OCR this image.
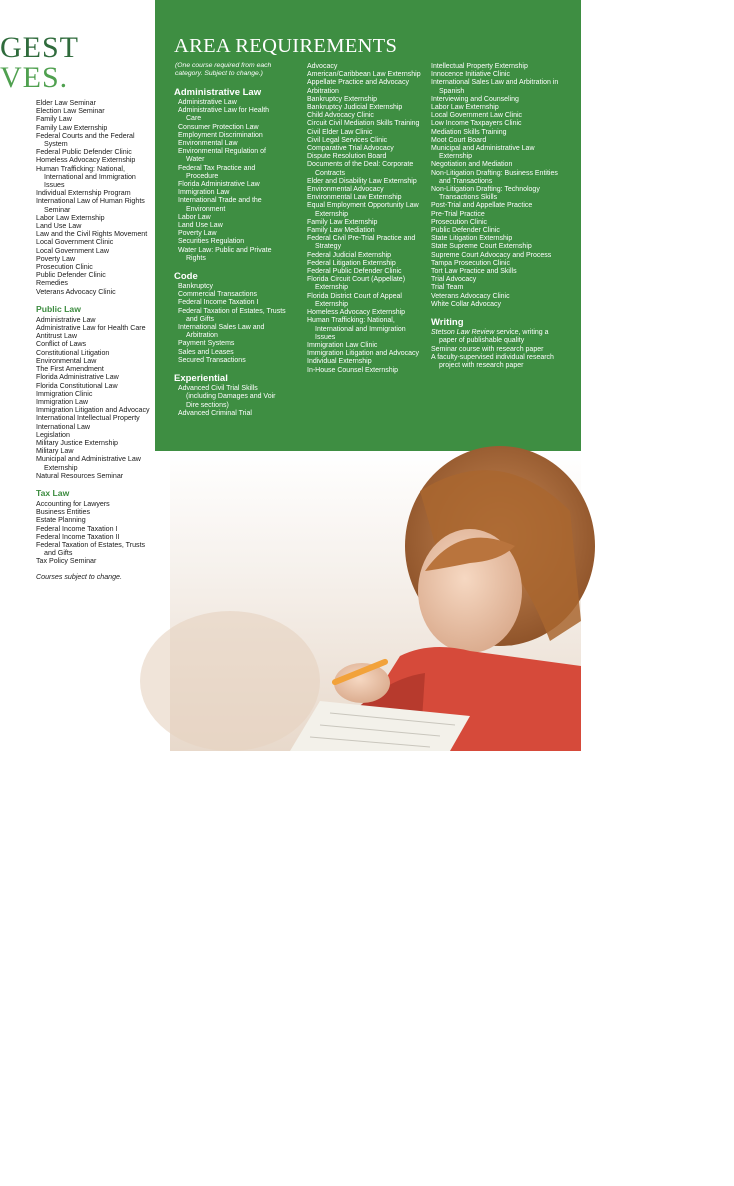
GEST
VES.
Elder Law Seminar
Election Law Seminar
Family Law
Family Law Externship
Federal Courts and the Federal System
Federal Public Defender Clinic
Homeless Advocacy Externship
Human Trafficking: National, International and Immigration Issues
Individual Externship Program
International Law of Human Rights Seminar
Labor Law Externship
Land Use Law
Law and the Civil Rights Movement
Local Government Clinic
Local Government Law
Poverty Law
Prosecution Clinic
Public Defender Clinic
Remedies
Veterans Advocacy Clinic
Public Law
Administrative Law
Administrative Law for Health Care
Antitrust Law
Conflict of Laws
Constitutional Litigation
Environmental Law
The First Amendment
Florida Administrative Law
Florida Constitutional Law
Immigration Clinic
Immigration Law
Immigration Litigation and Advocacy
International Intellectual Property
International Law
Legislation
Military Justice Externship
Military Law
Municipal and Administrative Law Externship
Natural Resources Seminar
Tax Law
Accounting for Lawyers
Business Entities
Estate Planning
Federal Income Taxation I
Federal Income Taxation II
Federal Taxation of Estates, Trusts and Gifts
Tax Policy Seminar
Courses subject to change.
AREA REQUIREMENTS
(One course required from each category. Subject to change.)
Administrative Law
Administrative Law
Administrative Law for Health Care
Consumer Protection Law
Employment Discrimination
Environmental Law
Environmental Regulation of Water
Federal Tax Practice and Procedure
Florida Administrative Law
Immigration Law
International Trade and the Environment
Labor Law
Land Use Law
Poverty Law
Securities Regulation
Water Law: Public and Private Rights
Code
Bankruptcy
Commercial Transactions
Federal Income Taxation I
Federal Taxation of Estates, Trusts and Gifts
International Sales Law and Arbitration
Payment Systems
Sales and Leases
Secured Transactions
Experiential
Advanced Civil Trial Skills (including Damages and Voir Dire sections)
Advanced Criminal Trial
Advocacy
American/Caribbean Law Externship
Appellate Practice and Advocacy
Arbitration
Bankruptcy Externship
Bankruptcy Judicial Externship
Child Advocacy Clinic
Circuit Civil Mediation Skills Training
Civil Elder Law Clinic
Civil Legal Services Clinic
Comparative Trial Advocacy
Dispute Resolution Board
Documents of the Deal: Corporate Contracts
Elder and Disability Law Externship
Environmental Advocacy
Environmental Law Externship
Equal Employment Opportunity Law Externship
Family Law Externship
Family Law Mediation
Federal Civil Pre-Trial Practice and Strategy
Federal Judicial Externship
Federal Litigation Externship
Federal Public Defender Clinic
Florida Circuit Court (Appellate) Externship
Florida District Court of Appeal Externship
Homeless Advocacy Externship
Human Trafficking: National, International and Immigration Issues
Immigration Law Clinic
Immigration Litigation and Advocacy
Individual Externship
In-House Counsel Externship
Intellectual Property Externship
Innocence Initiative Clinic
International Sales Law and Arbitration in Spanish
Interviewing and Counseling
Labor Law Externship
Local Government Law Clinic
Low Income Taxpayers Clinic
Mediation Skills Training
Moot Court Board
Municipal and Administrative Law Externship
Negotiation and Mediation
Non-Litigation Drafting: Business Entities and Transactions
Non-Litigation Drafting: Technology Transactions Skills
Post-Trial and Appellate Practice
Pre-Trial Practice
Prosecution Clinic
Public Defender Clinic
State Litigation Externship
State Supreme Court Externship
Supreme Court Advocacy and Process
Tampa Prosecution Clinic
Tort Law Practice and Skills
Trial Advocacy
Trial Team
Veterans Advocacy Clinic
White Collar Advocacy
Writing
Stetson Law Review service, writing a paper of publishable quality
Seminar course with research paper
A faculty-supervised individual research project with research paper
17
